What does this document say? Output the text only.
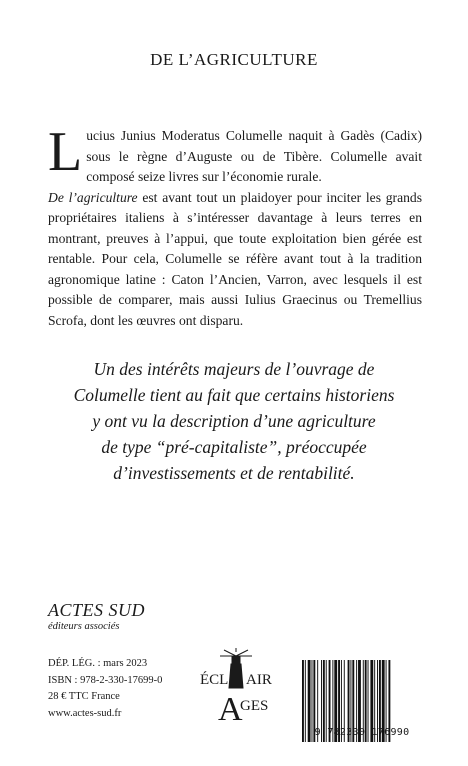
DE L’AGRICULTURE

Lucius Junius Moderatus Columelle naquit à Gadès (Cadix) sous le règne d’Auguste ou de Tibère. Columelle avait composé seize livres sur l’économie rurale.

De l’agriculture est avant tout un plaidoyer pour inciter les grands propriétaires italiens à s’intéresser davantage à leurs terres en montrant, preuves à l’appui, que toute exploitation bien gérée est rentable. Pour cela, Columelle se réfère avant tout à la tradition agronomique latine : Caton l’Ancien, Varron, avec lesquels il est possible de comparer, mais aussi Iulius Graecinus ou Tremellius Scrofa, dont les œuvres ont disparu.

Un des intérêts majeurs de l’ouvrage de
Columelle tient au fait que certains historiens
y ont vu la description d’une agriculture
de type “pré-capitaliste”, préoccupée
d’investissements et de rentabilité.
ACTES SUD
éditeurs associés
DÉP. LÉG. : mars 2023
ISBN : 978-2-330-17699-0
28 € TTC France
www.actes-sud.fr
ÉCL AIR
A
GES
9 782330 176990
